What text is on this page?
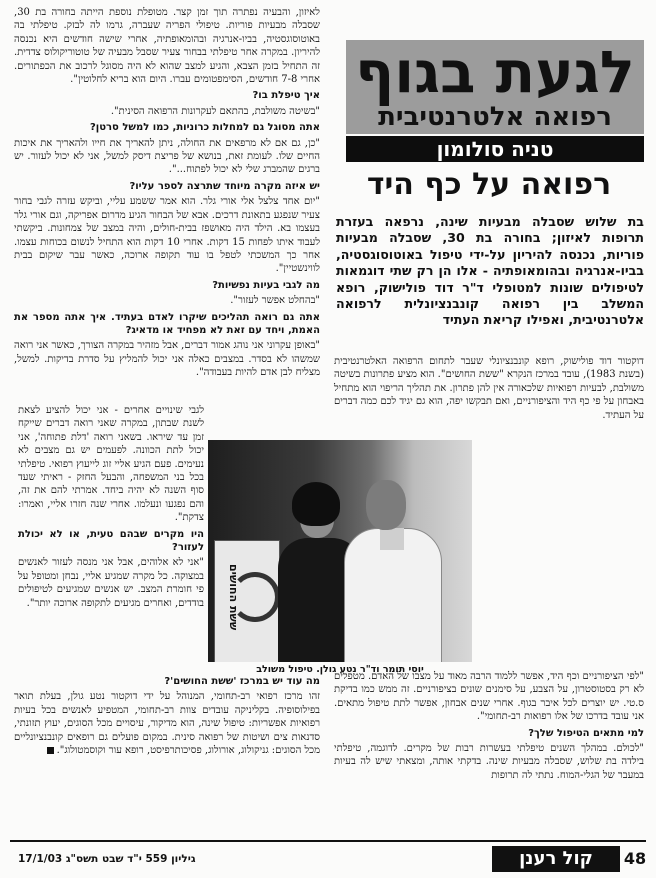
לגעת בגוף
רפואה אלטרנטיבית
טניה סולומון
רפואה על כף היד
בת שלוש שסבלה מבעיות שינה, נרפאה בעזרת תרופות לאיזון; בחורה בת 30, שסבלה מבעיות פוריות, נכנסה להיריון על-ידי טיפול באוטוסוגסטיה, בביו-אנרגיה ובהומאופתיה - אלו הן רק שתי דוגמאות לטיפולים שונות למטופלי ד"ר דוד פולישוק, רופא המשלב בין רפואה קונבנציונלית לרפואה אלטרנטיבית, ואפילו קריאת העתיד

דוקטור דוד פולישוק, רופא קונבנציונלי שעבר לתחום הרפואה האלטרנטיבית (בשנת 1983), עובד במרכז הנקרא "ששת החושים". הוא מציע פתרונות בשיטה משולבת, לבעיות רפואיות שלכאורה אין להן פתרון. את תהליך הריפוי הוא מתחיל באבחון על פי כף היד והציפורניים, ואם תבקשו יפה, הוא גם יגיד לכם כמה דברים על העתיד.

לאיזון, והבעיה נפתרה תוך זמן קצר. מטופלת נוספת הייתה בחורה בת 30, שסבלה מבעיות פוריות. טיפולי הפריה שעברה, גרמו לה לבזק. טיפלתי בה באוטוסוגסטיה, בביו-אנרגיה ובהומאופתיה, אחרי שישה חודשים היא נכנסה להיריון. במקרה אחר טיפלתי בבחור צעיר שסבל מבעיה של טוטוריקולוס צדדית. זה התחיל בזמן הצבא, והגיע למצב שהוא לא היה מסוגל לרכוב את הכפתורים. אחרי 7-8 חודשים, הסימפטומים עברו. היום הוא בריא לחלוטין".

איך טיפלת בו?

"בשיטה משולבת, בהתאם לעקרונות הרפואה הסינית".

אתה מסוגל גם למחלות כרוניות, כמו למשל סרטן?

"כן, גם אם לא מרפאים את החולה, ניתן להאריך את חייו ולהאריך את איכות החיים שלו. לעומת זאת, בנושא של פריצת דיסק למשל, אני לא יכול לעזור. יש ברגים שהמברג שלי לא יכול לפתוח...".

יש איזה מקרה מיוחד שתרצה לספר עליו?

"יום אחד צלצל אלי אורי גלר. הוא אמר ששמע עליי, וביקש עזרה לגבי בחור צעיר שנפגע בתאונת דרכים. אבא של הבחור הגיע מדרום אפריקה, וגם אורי גלר בעצמו בא. הילד היה מאושפז בבית-חולים, והיה במצב של צמחונות. ביקשתי לעבוד איתו לפחות 15 דקות. אחרי 10 דקות הוא התחיל לנשום בכוחות עצמו. אחר כך המשכתי לטפל בו עוד תקופה ארוכה, כאשר עבר שיקום בבית לווינשטיין".

מה לגבי בעיות נפשיות?

"בהחלט אפשר לעזור".

אתה גם רואה תהליכים שיקרו לאדם בעתיד. איך אתה מספר את האמת, ויחד עם זאת לא מפחיד או מדאיג?

"באופן עקרוני אני נוהג אמור דברים, אבל מזהיר במקרה הצורך, כאשר אני רואה שמשהו לא בסדר. במצבים כאלה אני יכול להמליץ על סדרת בדיקות. למשל, מצליח לבן אדם להיות בעבודה".

ששת החושים
יוסי תומר וד"ר נטע גולן. טיפול משולב

לגבי שינויים אחרים - אני יכול להציע לצאת לשנת שבתון, במקרה שאני רואה דברים שייקח זמן עד שיראו. בשאני רואה 'דלת פתוחה', אני יכול לתת הכוונה. לפעמים יש גם מצבים לא נעימים. פעם הגיע אליי זוג לייעוץ רפואי. טיפלתי בכל בני המשפחה, והבעל החזק - ראיתי שעד סוף השנה לא יהיה ביחד. אמרתי להם את זה, והם נפגעו ונעלמו. אחרי שנה חזרו אליי, ואמרו: צדקת".

היו מקרים שבהם טעית, או לא יכולת לעזור?

"אני לא אלוהים, אבל אני מנסה לעזור לאנשים במצוקה. כל מקרה שמגיע אליי, נבחן ומטופל על פי חומרת המצב. יש אנשים שמגיעים לטיפולים בודדים, ואחרים מגיעים לתקופה ארוכה יותר".

מה עוד יש במרכז 'ששת החושים'?

זהו מרכז רפואי רב-תחומי, המנוהל על ידי דוקטור נטע גולן, בעלת תואר בפילוסופיה. בקליניקה עובדים צוות רב-תחומי, המטפיע לאנשים בכל בעיות רפואיות אפשריות: טיפול שינה, הוא מדיקור, עיסויים מכל הסוגים, יעוץ תזונתי, סדנאות צים ושיטות של רפואה סינית. במקום פועלים גם רופאים קונבנציונליים מכל הסוגים: גניקולוג, אורולוג, פסיכותרפיסט, רופא עור וקוסמטולוג".

"לפי הציפורניים וכף היד, אפשר ללמוד הרבה מאוד על מצבו של האדם. מטפלים לא רק בסטוסטרון, על הצבע, על סימנים שונים בציפורניים. זה ממש כמו בדיקת ס.טי. יש יוצרים לכל איבר בגוף. אחרי שנים אבחון, אפשר לתת טיפול מתאים. אני עובד בדרכו של אלו רפואות רב-תחומי".

למי מתאים הטיפול שלך?

"לכולם. במהלך השנים טיפלתי בעשרות רבות של מקרים. לדוגמה, טיפלתי בילדה בת שלוש, שסבלה מבעיות שינה. בדקתי אותה, ומצאתי שיש לה בעיות במעבר של הגלי-המוח. נתתי לה תרופות

קול רענן	48
גיליון 559 י"ד שבט תשס"ג 17/1/03
